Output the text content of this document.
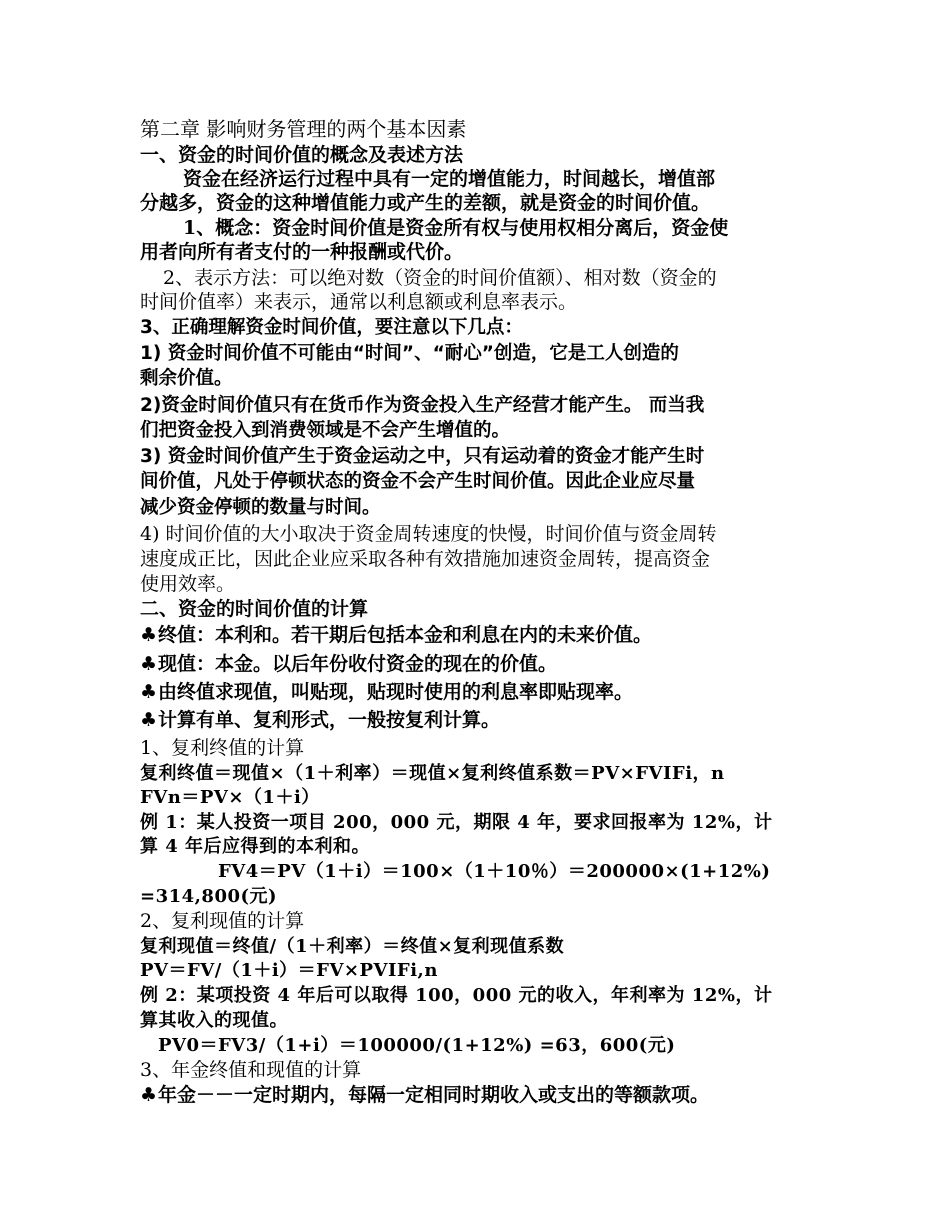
第二章 影响财务管理的两个基本因素
一、资金的时间价值的概念及表述方法
资金在经济运行过程中具有一定的增值能力，时间越长，增值部
分越多，资金的这种增值能力或产生的差额，就是资金的时间价值。
1、概念：资金时间价值是资金所有权与使用权相分离后，资金使
用者向所有者支付的一种报酬或代价。
2、表示方法：可以绝对数（资金的时间价值额）、相对数（资金的
时间价值率）来表示，通常以利息额或利息率表示。
3、正确理解资金时间价值，要注意以下几点：
1) 资金时间价值不可能由“时间”、“耐心”创造，它是工人创造的
剩余价值。
2)资金时间价值只有在货币作为资金投入生产经营才能产生。 而当我
们把资金投入到消费领域是不会产生增值的。
3) 资金时间价值产生于资金运动之中，只有运动着的资金才能产生时
间价值，凡处于停顿状态的资金不会产生时间价值。因此企业应尽量
减少资金停顿的数量与时间。
4) 时间价值的大小取决于资金周转速度的快慢，时间价值与资金周转
速度成正比，因此企业应采取各种有效措施加速资金周转，提高资金
使用效率。
二、资金的时间价值的计算
♣终值：本利和。若干期后包括本金和利息在内的未来价值。
♣现值：本金。以后年份收付资金的现在的价值。
♣由终值求现值，叫贴现，贴现时使用的利息率即贴现率。
♣计算有单、复利形式，一般按复利计算。
1、复利终值的计算
复利终值＝现值×（1＋利率）＝现值×复利终值系数＝PV×FVIFi，n
FVn＝PV×（1＋i）
例 1：某人投资一项目 200，000 元，期限 4 年，要求回报率为 12%，计
算 4 年后应得到的本利和。
FV4＝PV（1＋i）＝100×（1＋10％）＝200000×(1+12%)
=314,800(元)
2、复利现值的计算
复利现值＝终值/（1＋利率）＝终值×复利现值系数
PV＝FV/（1＋i）＝FV×PVIFi,n
例 2：某项投资 4 年后可以取得 100，000 元的收入，年利率为 12%，计
算其收入的现值。
PV0＝FV3/（1+i）＝100000/(1+12%) =63，600(元)
3、年金终值和现值的计算
♣年金－－一定时期内，每隔一定相同时期收入或支出的等额款项。
